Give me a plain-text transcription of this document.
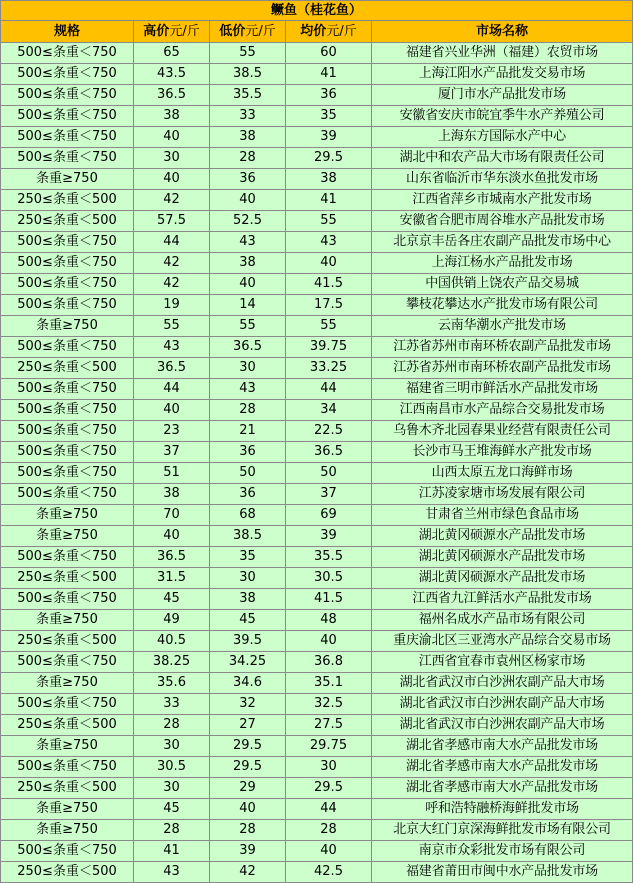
鳜鱼（桂花鱼）				
规格	高价元/斤	低价元/斤	均价元/斤	市场名称
500≤条重＜750	65	55	60	福建省兴业华洲（福建）农贸市场
500≤条重＜750	43.5	38.5	41	上海江阳水产品批发交易市场
500≤条重＜750	36.5	35.5	36	厦门市水产品批发市场
500≤条重＜750	38	33	35	安徽省安庆市皖宜季牛水产养殖公司
500≤条重＜750	40	38	39	上海东方国际水产中心
500≤条重＜750	30	28	29.5	湖北中和农产品大市场有限责任公司
条重≥750	40	36	38	山东省临沂市华东淡水鱼批发市场
250≤条重＜500	42	40	41	江西省萍乡市城南水产批发市场
250≤条重＜500	57.5	52.5	55	安徽省合肥市周谷堆水产品批发市场
500≤条重＜750	44	43	43	北京京丰岳各庄农副产品批发市场中心
500≤条重＜750	42	38	40	上海江杨水产品批发市场
500≤条重＜750	42	40	41.5	中国供销上饶农产品交易城
500≤条重＜750	19	14	17.5	攀枝花攀达水产批发市场有限公司
条重≥750	55	55	55	云南华潮水产批发市场
500≤条重＜750	43	36.5	39.75	江苏省苏州市南环桥农副产品批发市场
250≤条重＜500	36.5	30	33.25	江苏省苏州市南环桥农副产品批发市场
500≤条重＜750	44	43	44	福建省三明市鲜活水产品批发市场
500≤条重＜750	40	28	34	江西南昌市水产品综合交易批发市场
500≤条重＜750	23	21	22.5	乌鲁木齐北园春果业经营有限责任公司
500≤条重＜750	37	36	36.5	长沙市马王堆海鲜水产批发市场
500≤条重＜750	51	50	50	山西太原五龙口海鲜市场
500≤条重＜750	38	36	37	江苏凌家塘市场发展有限公司
条重≥750	70	68	69	甘肃省兰州市绿色食品市场
条重≥750	40	38.5	39	湖北黄冈硕源水产品批发市场
500≤条重＜750	36.5	35	35.5	湖北黄冈硕源水产品批发市场
250≤条重＜500	31.5	30	30.5	湖北黄冈硕源水产品批发市场
500≤条重＜750	45	38	41.5	江西省九江鲜活水产品批发市场
条重≥750	49	45	48	福州名成水产品市场有限公司
250≤条重＜500	40.5	39.5	40	重庆渝北区三亚湾水产品综合交易市场
500≤条重＜750	38.25	34.25	36.8	江西省宜春市袁州区杨家市场
条重≥750	35.6	34.6	35.1	湖北省武汉市白沙洲农副产品大市场
500≤条重＜750	33	32	32.5	湖北省武汉市白沙洲农副产品大市场
250≤条重＜500	28	27	27.5	湖北省武汉市白沙洲农副产品大市场
条重≥750	30	29.5	29.75	湖北省孝感市南大水产品批发市场
500≤条重＜750	30.5	29.5	30	湖北省孝感市南大水产品批发市场
250≤条重＜500	30	29	29.5	湖北省孝感市南大水产品批发市场
条重≥750	45	40	44	呼和浩特融桥海鲜批发市场
条重≥750	28	28	28	北京大红门京深海鲜批发市场有限公司
500≤条重＜750	41	39	40	南京市众彩批发市场有限公司
250≤条重＜500	43	42	42.5	福建省莆田市闽中水产品批发市场
